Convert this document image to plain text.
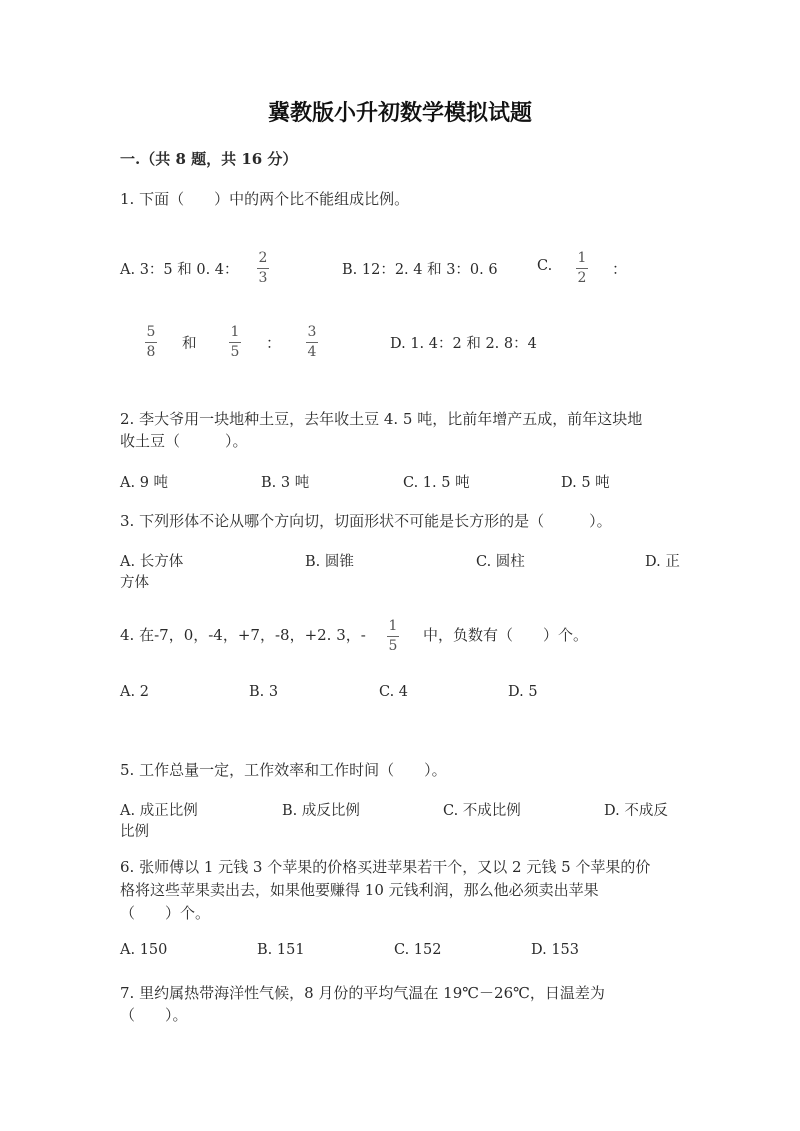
冀教版小升初数学模拟试题
一.（共 8 题，共 16 分）
1. 下面（　　）中的两个比不能组成比例。
A. 3：5 和 0. 4：
2
3	B. 12：2. 4 和 3：0. 6	C. 1
2 ：
5
8 和
1
5 ：
3
4	D. 1. 4：2 和 2. 8：4
2. 李大爷用一块地种土豆，去年收土豆 4. 5 吨，比前年增产五成，前年这块地
收土豆（　　　）。
A. 9 吨	B. 3 吨	C. 1. 5 吨	D. 5 吨
3. 下列形体不论从哪个方向切，切面形状不可能是长方形的是（　　　）。
A. 长方体	B. 圆锥	C. 圆柱	D. 正
方体
4. 在-7，0，-4，+7，-8，+2. 3，- 1
5
中，负数有（　　）个。
A. 2	B. 3	C. 4	D. 5
5. 工作总量一定，工作效率和工作时间（　　）。
A. 成正比例	B. 成反比例	C. 不成比例	D. 不成反
比例
6. 张师傅以 1 元钱 3 个苹果的价格买进苹果若干个，又以 2 元钱 5 个苹果的价
格将这些苹果卖出去，如果他要赚得 10 元钱利润，那么他必须卖出苹果
（　　）个。
A. 150	B. 151	C. 152	D. 153
7. 里约属热带海洋性气候，8 月份的平均气温在 19℃－26℃，日温差为
（　　）。
